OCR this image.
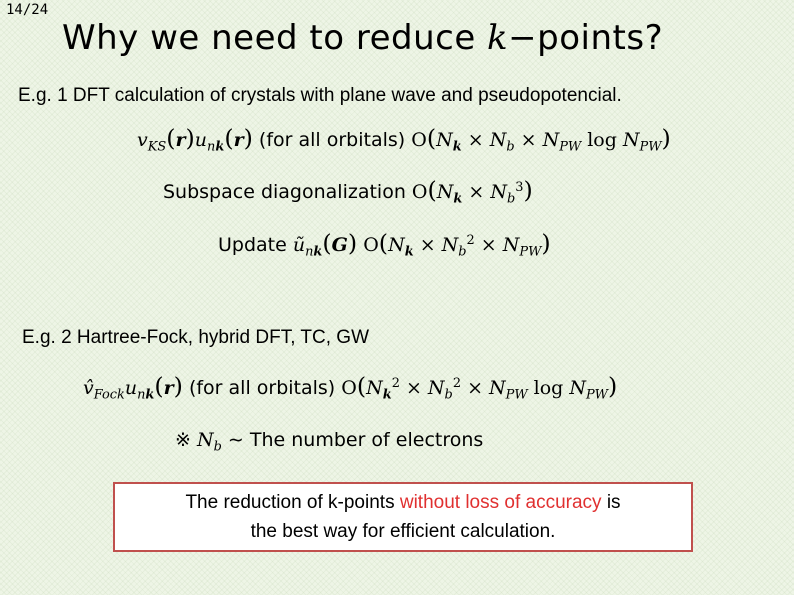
14/24
Why we need to reduce k−points?
E.g. 1 DFT calculation of crystals with plane wave and pseudopotencial.
$v_{KS}(r)u_{nk}(r)$ (for all orbitals) $O(N_k \times N_b \times N_{PW}$ $\log N_{PW}$)
Subspace diagonalization $O(N_k \times N_b^3)$
Update $ũ_{nk}(G) O(N_k \times N_b^2 \times N_{PW})$
E.g. 2 Hartree-Fock, hybrid DFT, TC, GW
$v̂_{Fock}u_{nk}(r)$ (for all orbitals) $O(N_k^2 \times N_b^2 \times N_{PW}$ $\log N_{PW}$)
※ $N_b$ ∼ The number of electrons
The reduction of k-points without loss of accuracy is
the best way for efficient calculation.
